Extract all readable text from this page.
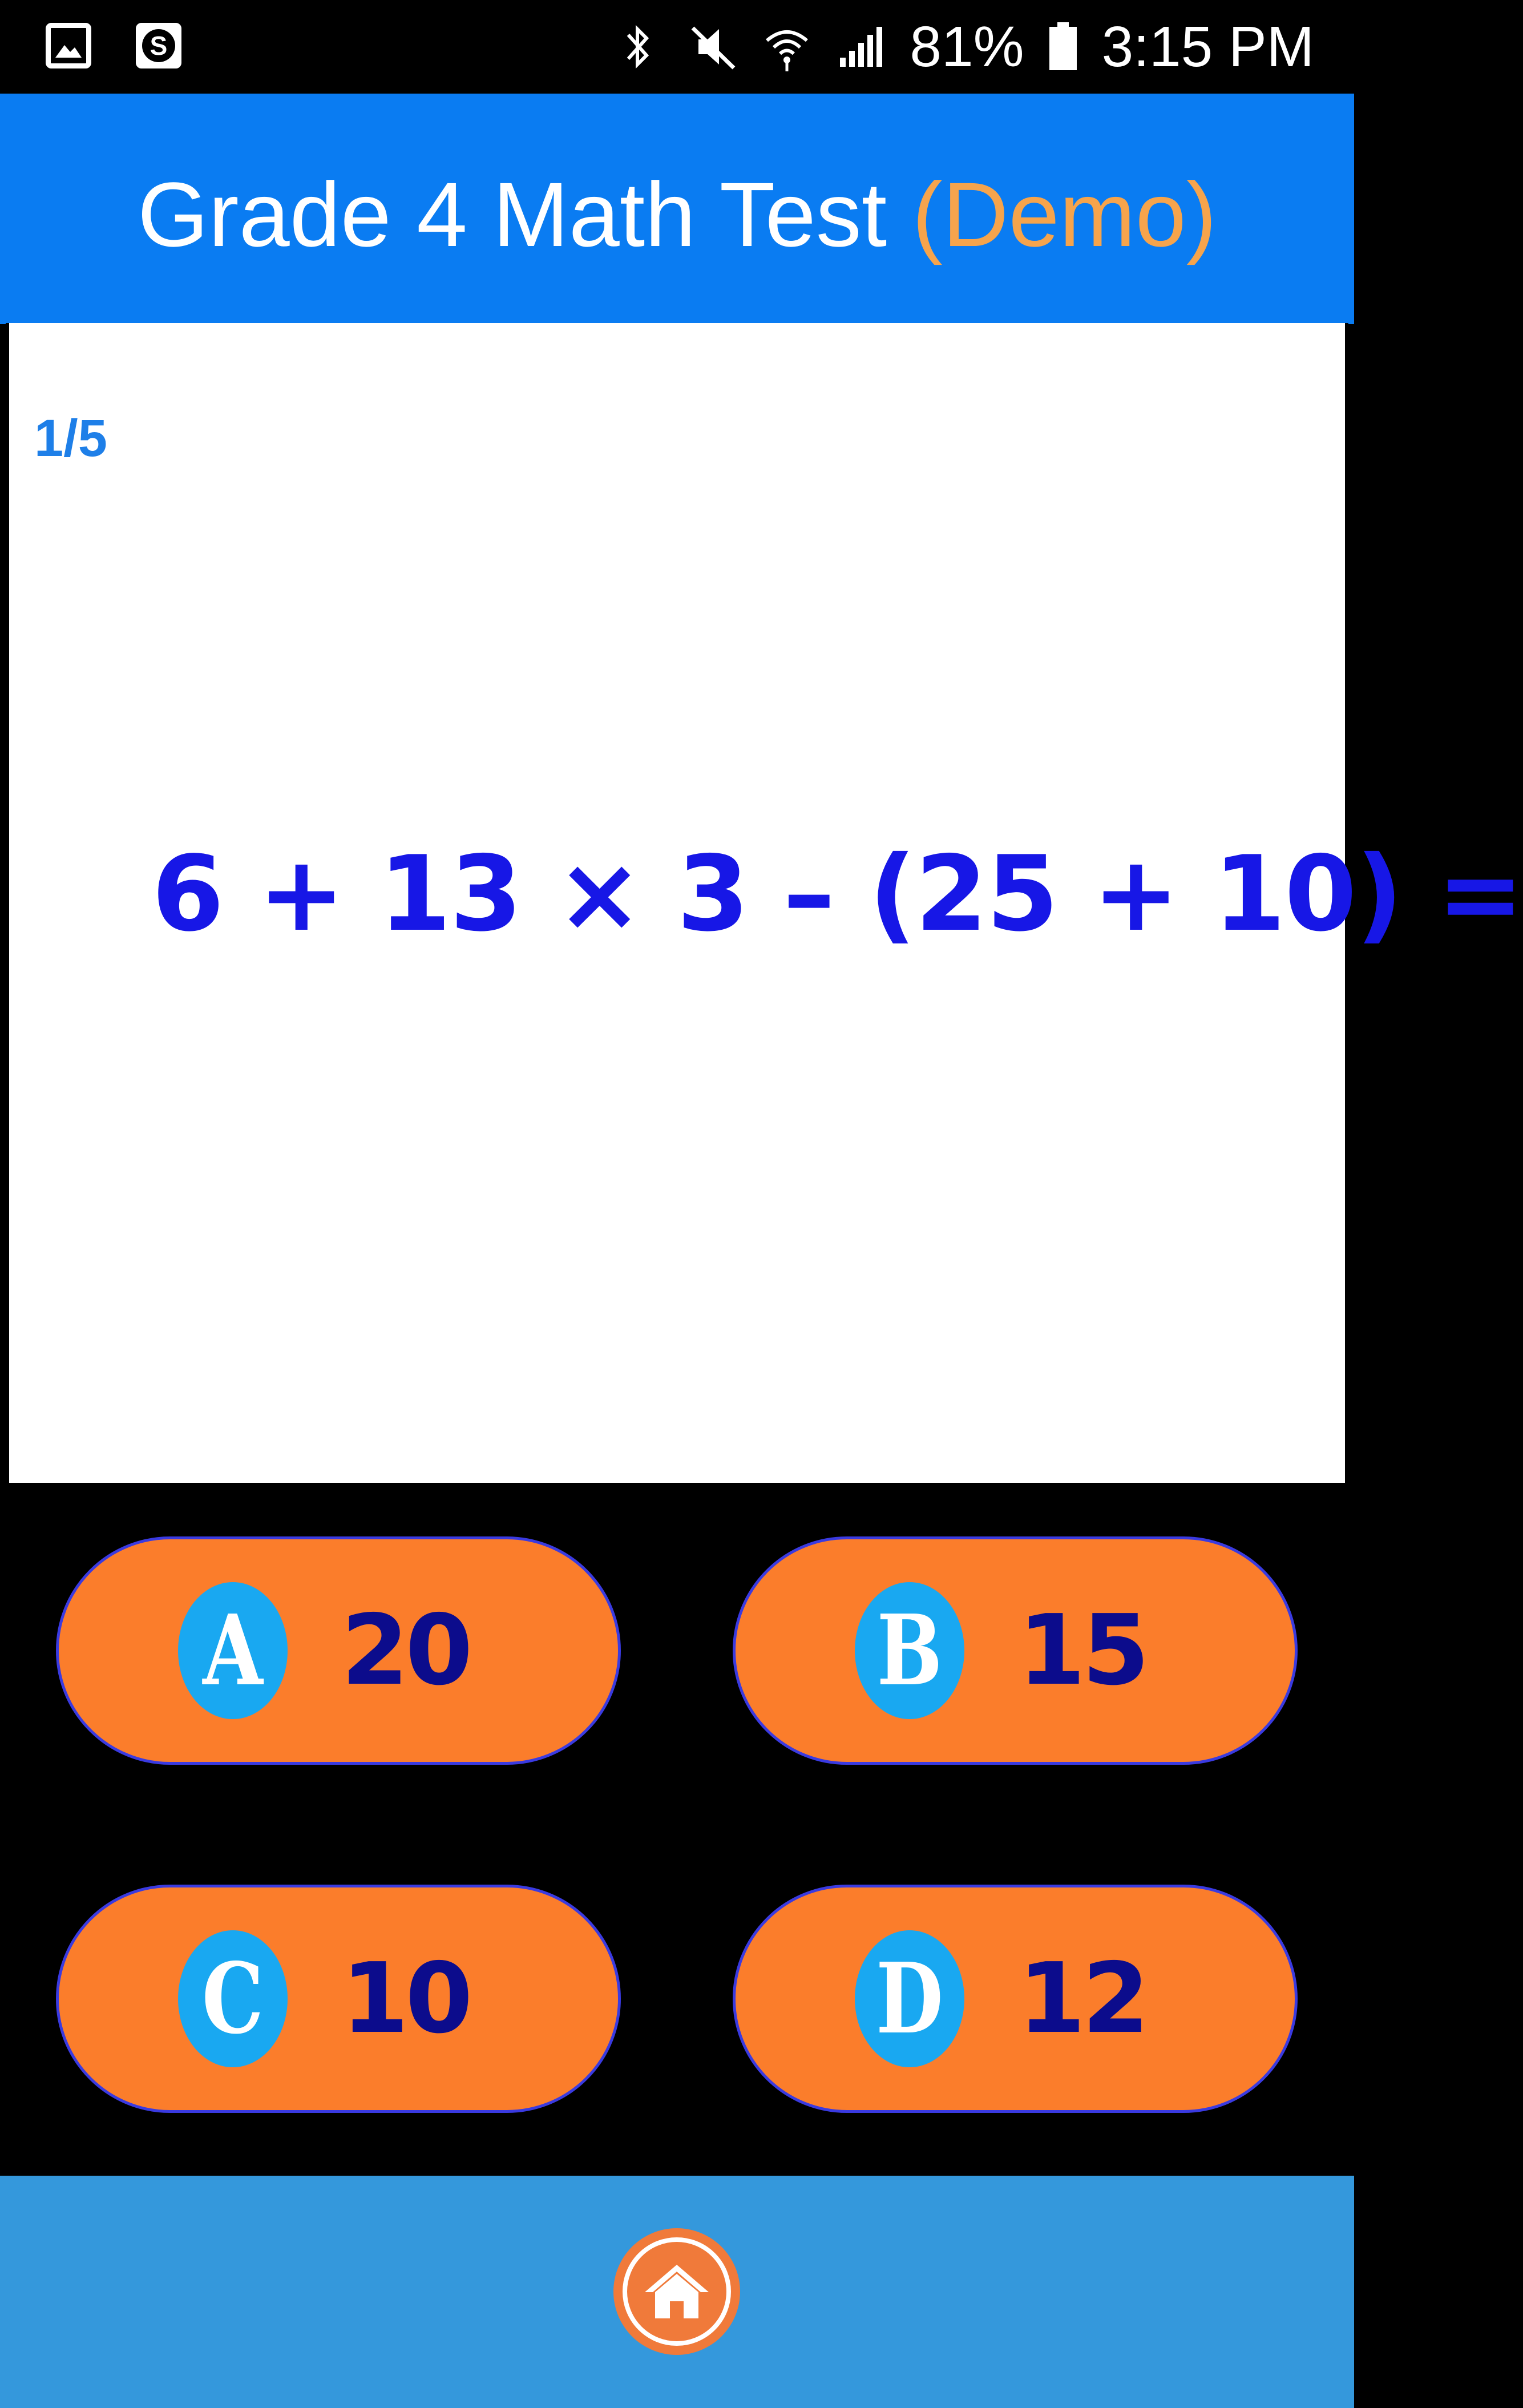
S	81% 3:15 PM
Grade 4 Math Test (Demo)
1/5
6 + 13 × 3 – (25 + 10) =
A 20	B 15
C 10	D 12
